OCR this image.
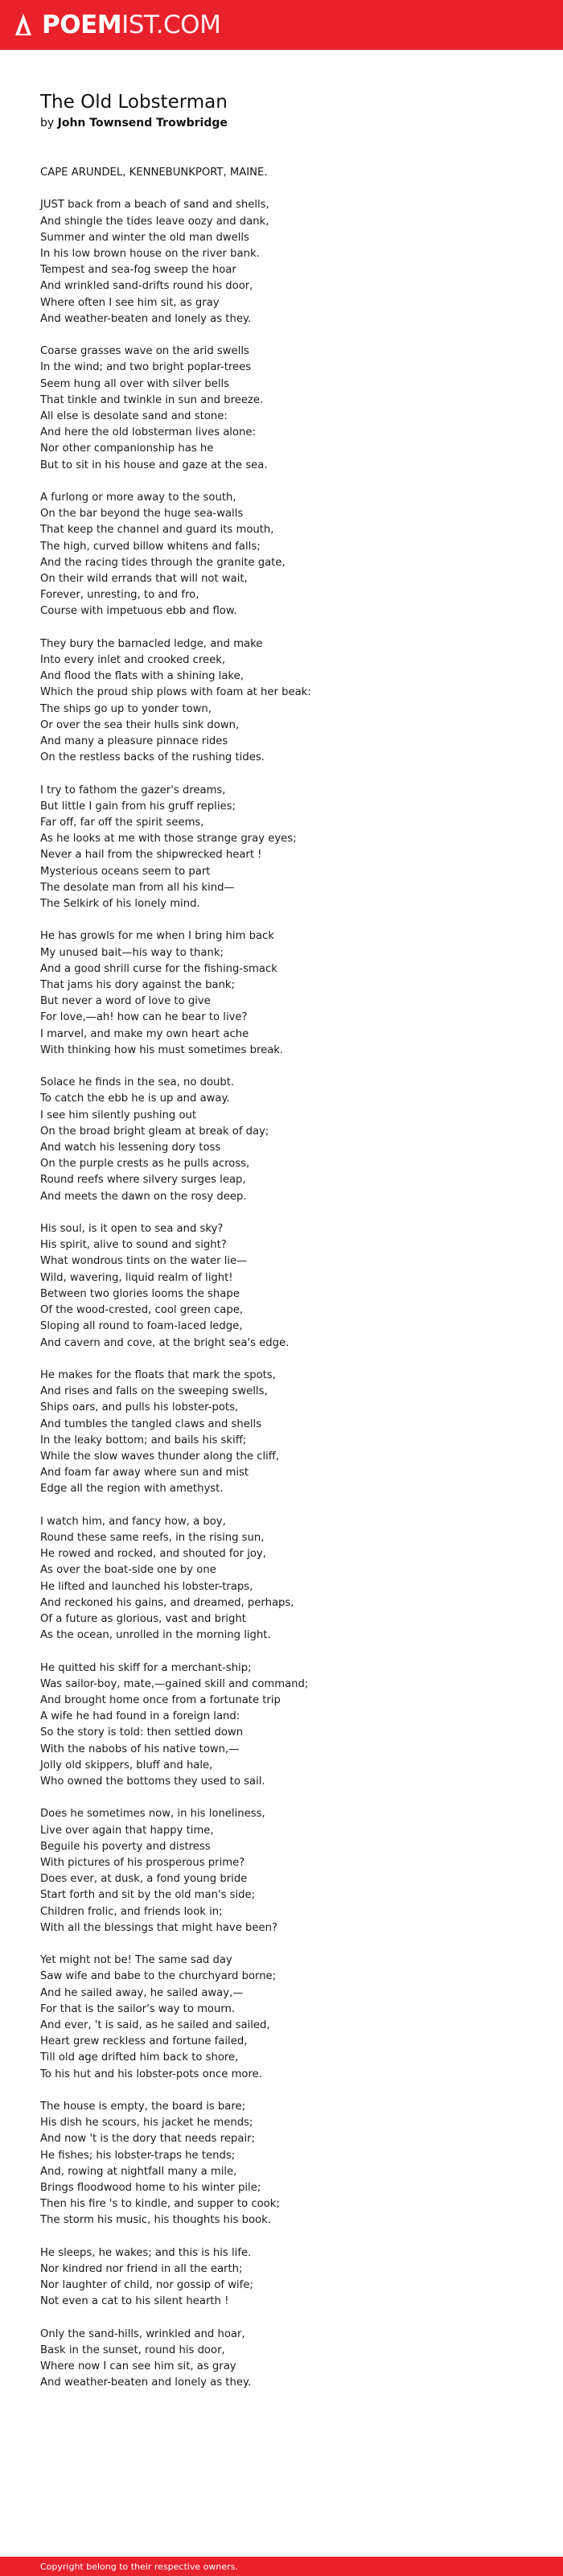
POEMIST.COM
The Old Lobsterman

by John Townsend Trowbridge

CAPE ARUNDEL, KENNEBUNKPORT, MAINE.
JUST back from a beach of sand and shells,
And shingle the tides leave oozy and dank,
Summer and winter the old man dwells
In his low brown house on the river bank.
Tempest and sea-fog sweep the hoar
And wrinkled sand-drifts round his door,
Where often I see him sit, as gray
And weather-beaten and lonely as they.
Coarse grasses wave on the arid swells
In the wind; and two bright poplar-trees
Seem hung all over with silver bells
That tinkle and twinkle in sun and breeze.
All else is desolate sand and stone:
And here the old lobsterman lives alone:
Nor other companionship has he
But to sit in his house and gaze at the sea.
A furlong or more away to the south,
On the bar beyond the huge sea-walls
That keep the channel and guard its mouth,
The high, curved billow whitens and falls;
And the racing tides through the granite gate,
On their wild errands that will not wait,
Forever, unresting, to and fro,
Course with impetuous ebb and flow.
They bury the barnacled ledge, and make
Into every inlet and crooked creek,
And flood the flats with a shining lake,
Which the proud ship plows with foam at her beak:
The ships go up to yonder town,
Or over the sea their hulls sink down,
And many a pleasure pinnace rides
On the restless backs of the rushing tides.
I try to fathom the gazer's dreams,
But little I gain from his gruff replies;
Far off, far off the spirit seems,
As he looks at me with those strange gray eyes;
Never a hail from the shipwrecked heart !
Mysterious oceans seem to part
The desolate man from all his kind—
The Selkirk of his lonely mind.
He has growls for me when I bring him back
My unused bait—his way to thank;
And a good shrill curse for the fishing-smack
That jams his dory against the bank;
But never a word of love to give
For love,—ah! how can he bear to live?
I marvel, and make my own heart ache
With thinking how his must sometimes break.
Solace he finds in the sea, no doubt.
To catch the ebb he is up and away.
I see him silently pushing out
On the broad bright gleam at break of day;
And watch his lessening dory toss
On the purple crests as he pulls across,
Round reefs where silvery surges leap,
And meets the dawn on the rosy deep.
His soul, is it open to sea and sky?
His spirit, alive to sound and sight?
What wondrous tints on the water lie—
Wild, wavering, liquid realm of light!
Between two glories looms the shape
Of the wood-crested, cool green cape,
Sloping all round to foam-laced ledge,
And cavern and cove, at the bright sea's edge.
He makes for the floats that mark the spots,
And rises and falls on the sweeping swells,
Ships oars, and pulls his lobster-pots,
And tumbles the tangled claws and shells
In the leaky bottom; and bails his skiff;
While the slow waves thunder along the cliff,
And foam far away where sun and mist
Edge all the region with amethyst.
I watch him, and fancy how, a boy,
Round these same reefs, in the rising sun,
He rowed and rocked, and shouted for joy,
As over the boat-side one by one
He lifted and launched his lobster-traps,
And reckoned his gains, and dreamed, perhaps,
Of a future as glorious, vast and bright
As the ocean, unrolled in the morning light.
He quitted his skiff for a merchant-ship;
Was sailor-boy, mate,—gained skill and command;
And brought home once from a fortunate trip
A wife he had found in a foreign land:
So the story is told: then settled down
With the nabobs of his native town,—
Jolly old skippers, bluff and hale,
Who owned the bottoms they used to sail.
Does he sometimes now, in his loneliness,
Live over again that happy time,
Beguile his poverty and distress
With pictures of his prosperous prime?
Does ever, at dusk, a fond young bride
Start forth and sit by the old man's side;
Children frolic, and friends look in;
With all the blessings that might have been?
Yet might not be! The same sad day
Saw wife and babe to the churchyard borne;
And he sailed away, he sailed away,—
For that is the sailor's way to mourn.
And ever, 't is said, as he sailed and sailed,
Heart grew reckless and fortune failed,
Till old age drifted him back to shore,
To his hut and his lobster-pots once more.
The house is empty, the board is bare;
His dish he scours, his jacket he mends;
And now 't is the dory that needs repair;
He fishes; his lobster-traps he tends;
And, rowing at nightfall many a mile,
Brings floodwood home to his winter pile;
Then his fire 's to kindle, and supper to cook;
The storm his music, his thoughts his book.
He sleeps, he wakes; and this is his life.
Nor kindred nor friend in all the earth;
Nor laughter of child, nor gossip of wife;
Not even a cat to his silent hearth !
Only the sand-hills, wrinkled and hoar,
Bask in the sunset, round his door,
Where now I can see him sit, as gray
And weather-beaten and lonely as they.
Copyright belong to their respective owners.
